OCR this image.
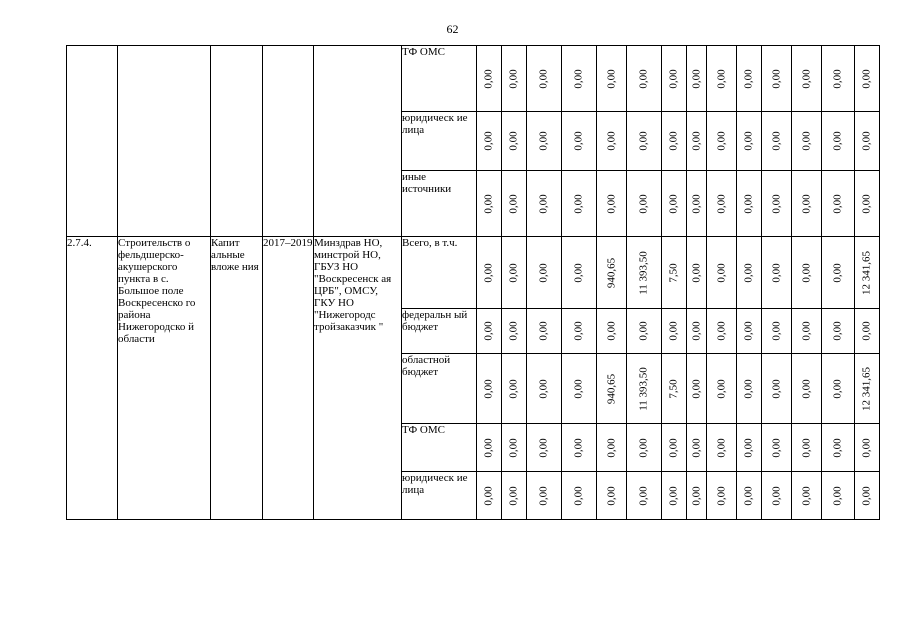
62
					ТФ ОМС	0,00	0,00	0,00	0,00	0,00	0,00	0,00	0,00	0,00	0,00	0,00	0,00	0,00	0,00

					юридическ ие лица	0,00	0,00	0,00	0,00	0,00	0,00	0,00	0,00	0,00	0,00	0,00	0,00	0,00	0,00

					иные источники	0,00	0,00	0,00	0,00	0,00	0,00	0,00	0,00	0,00	0,00	0,00	0,00	0,00	0,00

2.7.4.	Строительств о фельдшерско-акушерского пункта в с. Большое поле Воскресенско го района Нижегородско й области	Капит альные вложе ния	2017–2019	Минздрав НО, минстрой НО, ГБУЗ НО "Воскресенск ая ЦРБ", ОМСУ, ГКУ НО "Нижегородс тройзаказчик "	Всего, в т.ч.	0,00	0,00	0,00	0,00	940,65	11 393,50	7,50	0,00	0,00	0,00	0,00	0,00	0,00	12 341,65

					федеральн ый бюджет	0,00	0,00	0,00	0,00	0,00	0,00	0,00	0,00	0,00	0,00	0,00	0,00	0,00	0,00

					областной бюджет	0,00	0,00	0,00	0,00	940,65	11 393,50	7,50	0,00	0,00	0,00	0,00	0,00	0,00	12 341,65

					ТФ ОМС	0,00	0,00	0,00	0,00	0,00	0,00	0,00	0,00	0,00	0,00	0,00	0,00	0,00	0,00

					юридическ ие лица	0,00	0,00	0,00	0,00	0,00	0,00	0,00	0,00	0,00	0,00	0,00	0,00	0,00	0,00
